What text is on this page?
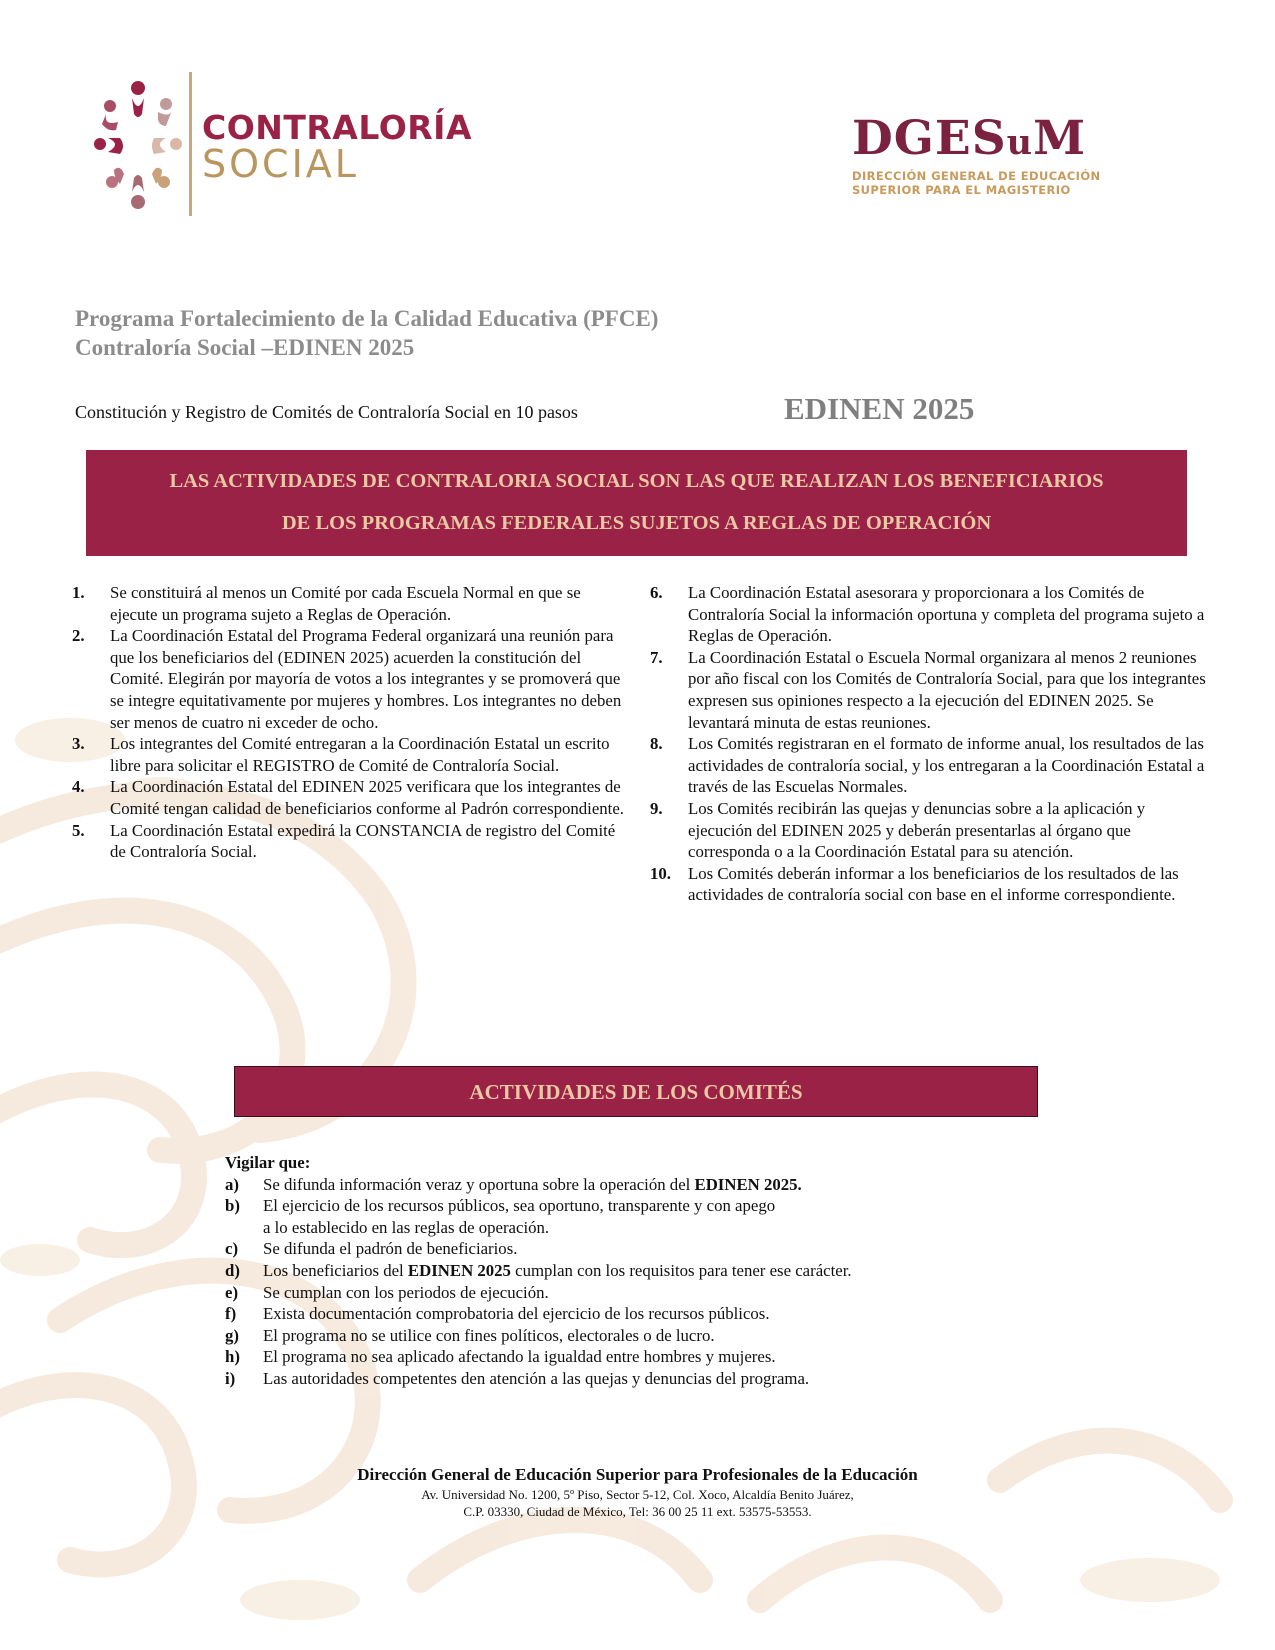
CONTRALORÍA
SOCIAL	DGESuM
DIRECCIÓN GENERAL DE EDUCACIÓN
SUPERIOR PARA EL MAGISTERIO
Programa Fortalecimiento de la Calidad Educativa (PFCE)
Contraloría Social –EDINEN 2025
Constitución y Registro de Comités de Contraloría Social en 10 pasos	EDINEN 2025
LAS ACTIVIDADES DE CONTRALORIA SOCIAL SON LAS QUE REALIZAN LOS BENEFICIARIOS
DE LOS PROGRAMAS FEDERALES SUJETOS A REGLAS DE OPERACIÓN
1.	Se constituirá al menos un Comité por cada Escuela Normal en que se ejecute un programa sujeto a Reglas de Operación.
2.	La Coordinación Estatal del Programa Federal organizará una reunión para que los beneficiarios del (EDINEN 2025) acuerden la constitución del Comité. Elegirán por mayoría de votos a los integrantes y se promoverá que se integre equitativamente por mujeres y hombres. Los integrantes no deben ser menos de cuatro ni exceder de ocho.
3.	Los integrantes del Comité entregaran a la Coordinación Estatal un escrito libre para solicitar el REGISTRO de Comité de Contraloría Social.
4.	La Coordinación Estatal del EDINEN 2025 verificara que los integrantes de Comité tengan calidad de beneficiarios conforme al Padrón correspondiente.
5.	La Coordinación Estatal expedirá la CONSTANCIA de registro del Comité de Contraloría Social.
6.	La Coordinación Estatal asesorara y proporcionara a los Comités de Contraloría Social la información oportuna y completa del programa sujeto a Reglas de Operación.
7.	La Coordinación Estatal o Escuela Normal organizara al menos 2 reuniones por año fiscal con los Comités de Contraloría Social, para que los integrantes expresen sus opiniones respecto a la ejecución del EDINEN 2025. Se levantará minuta de estas reuniones.
8.	Los Comités registraran en el formato de informe anual, los resultados de las actividades de contraloría social, y los entregaran a la Coordinación Estatal a través de las Escuelas Normales.
9.	Los Comités recibirán las quejas y denuncias sobre a la aplicación y ejecución del EDINEN 2025 y deberán presentarlas al órgano que corresponda o a la Coordinación Estatal para su atención.
10.	Los Comités deberán informar a los beneficiarios de los resultados de las actividades de contraloría social con base en el informe correspondiente.
ACTIVIDADES DE LOS COMITÉS
Vigilar que:
a)	Se difunda información veraz y oportuna sobre la operación del EDINEN 2025.
b)	El ejercicio de los recursos públicos, sea oportuno, transparente y con apego
a lo establecido en las reglas de operación.
c)	Se difunda el padrón de beneficiarios.
d)	Los beneficiarios del EDINEN 2025 cumplan con los requisitos para tener ese carácter.
e)	Se cumplan con los periodos de ejecución.
f)	Exista documentación comprobatoria del ejercicio de los recursos públicos.
g)	El programa no se utilice con fines políticos, electorales o de lucro.
h)	El programa no sea aplicado afectando la igualdad entre hombres y mujeres.
i)	Las autoridades competentes den atención a las quejas y denuncias del programa.
Dirección General de Educación Superior para Profesionales de la Educación
Av. Universidad No. 1200, 5º Piso, Sector 5-12, Col. Xoco, Alcaldía Benito Juárez,
C.P. 03330, Ciudad de México, Tel: 36 00 25 11 ext. 53575-53553.
